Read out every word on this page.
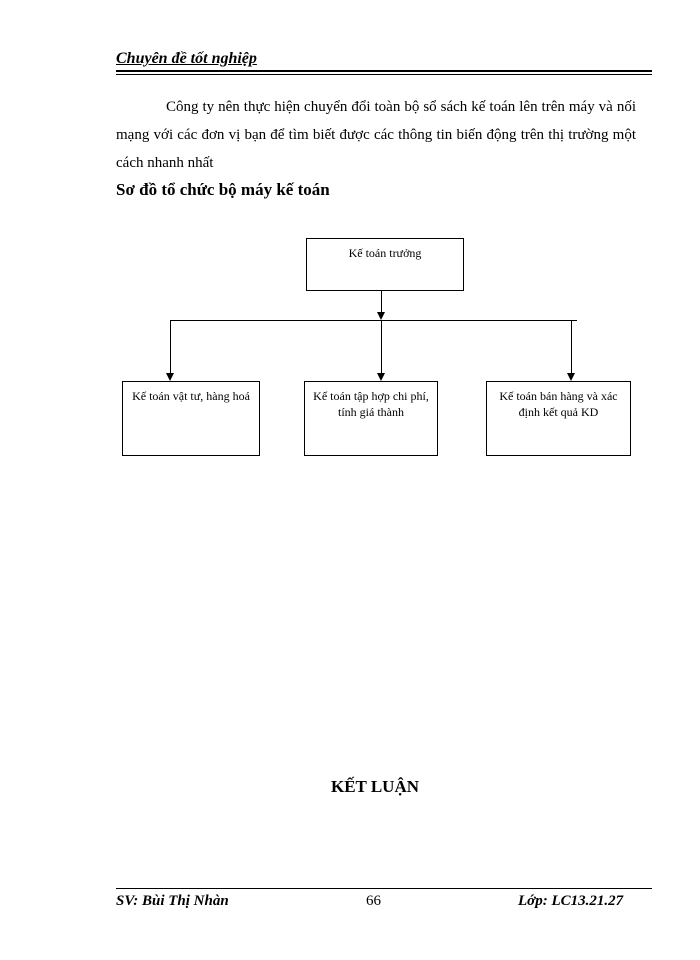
Chuyên đề tốt nghiệp
Công ty nên thực hiện chuyển đổi toàn bộ sổ sách kế toán lên trên máy và nối mạng với các đơn vị bạn để tìm biết được các thông tin biến động trên thị trường một cách nhanh nhất
Sơ đồ tổ chức bộ máy kế toán
Kế toán trưởng
Kế toán vật tư, hàng hoá	Kế toán tập hợp chi phí, tính giá thành
Kế toán bán hàng và xác định kết quả KD
KẾT LUẬN
SV: Bùi Thị Nhàn	66	Lớp: LC13.21.27
